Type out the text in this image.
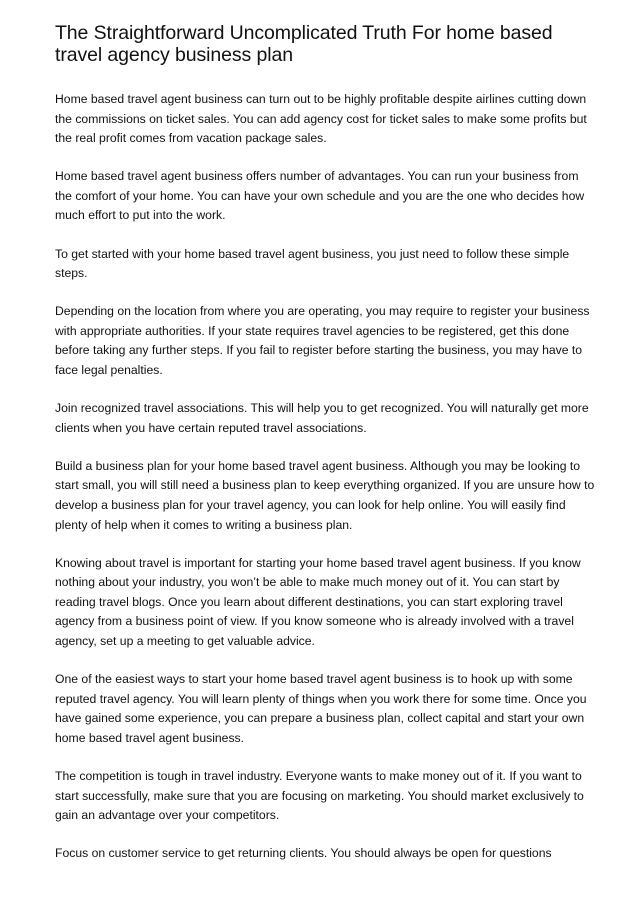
The Straightforward Uncomplicated Truth For home based travel agency business plan

Home based travel agent business can turn out to be highly profitable despite airlines cutting down the commissions on ticket sales. You can add agency cost for ticket sales to make some profits but the real profit comes from vacation package sales.

Home based travel agent business offers number of advantages. You can run your business from the comfort of your home. You can have your own schedule and you are the one who decides how much effort to put into the work.

To get started with your home based travel agent business, you just need to follow these simple steps.

Depending on the location from where you are operating, you may require to register your business with appropriate authorities. If your state requires travel agencies to be registered, get this done before taking any further steps. If you fail to register before starting the business, you may have to face legal penalties.

Join recognized travel associations. This will help you to get recognized. You will naturally get more clients when you have certain reputed travel associations.

Build a business plan for your home based travel agent business. Although you may be looking to start small, you will still need a business plan to keep everything organized. If you are unsure how to develop a business plan for your travel agency, you can look for help online. You will easily find plenty of help when it comes to writing a business plan.

Knowing about travel is important for starting your home based travel agent business. If you know nothing about your industry, you won’t be able to make much money out of it. You can start by reading travel blogs. Once you learn about different destinations, you can start exploring travel agency from a business point of view. If you know someone who is already involved with a travel agency, set up a meeting to get valuable advice.

One of the easiest ways to start your home based travel agent business is to hook up with some reputed travel agency. You will learn plenty of things when you work there for some time. Once you have gained some experience, you can prepare a business plan, collect capital and start your own home based travel agent business.

The competition is tough in travel industry. Everyone wants to make money out of it. If you want to start successfully, make sure that you are focusing on marketing. You should market exclusively to gain an advantage over your competitors.

Focus on customer service to get returning clients. You should always be open for questions
